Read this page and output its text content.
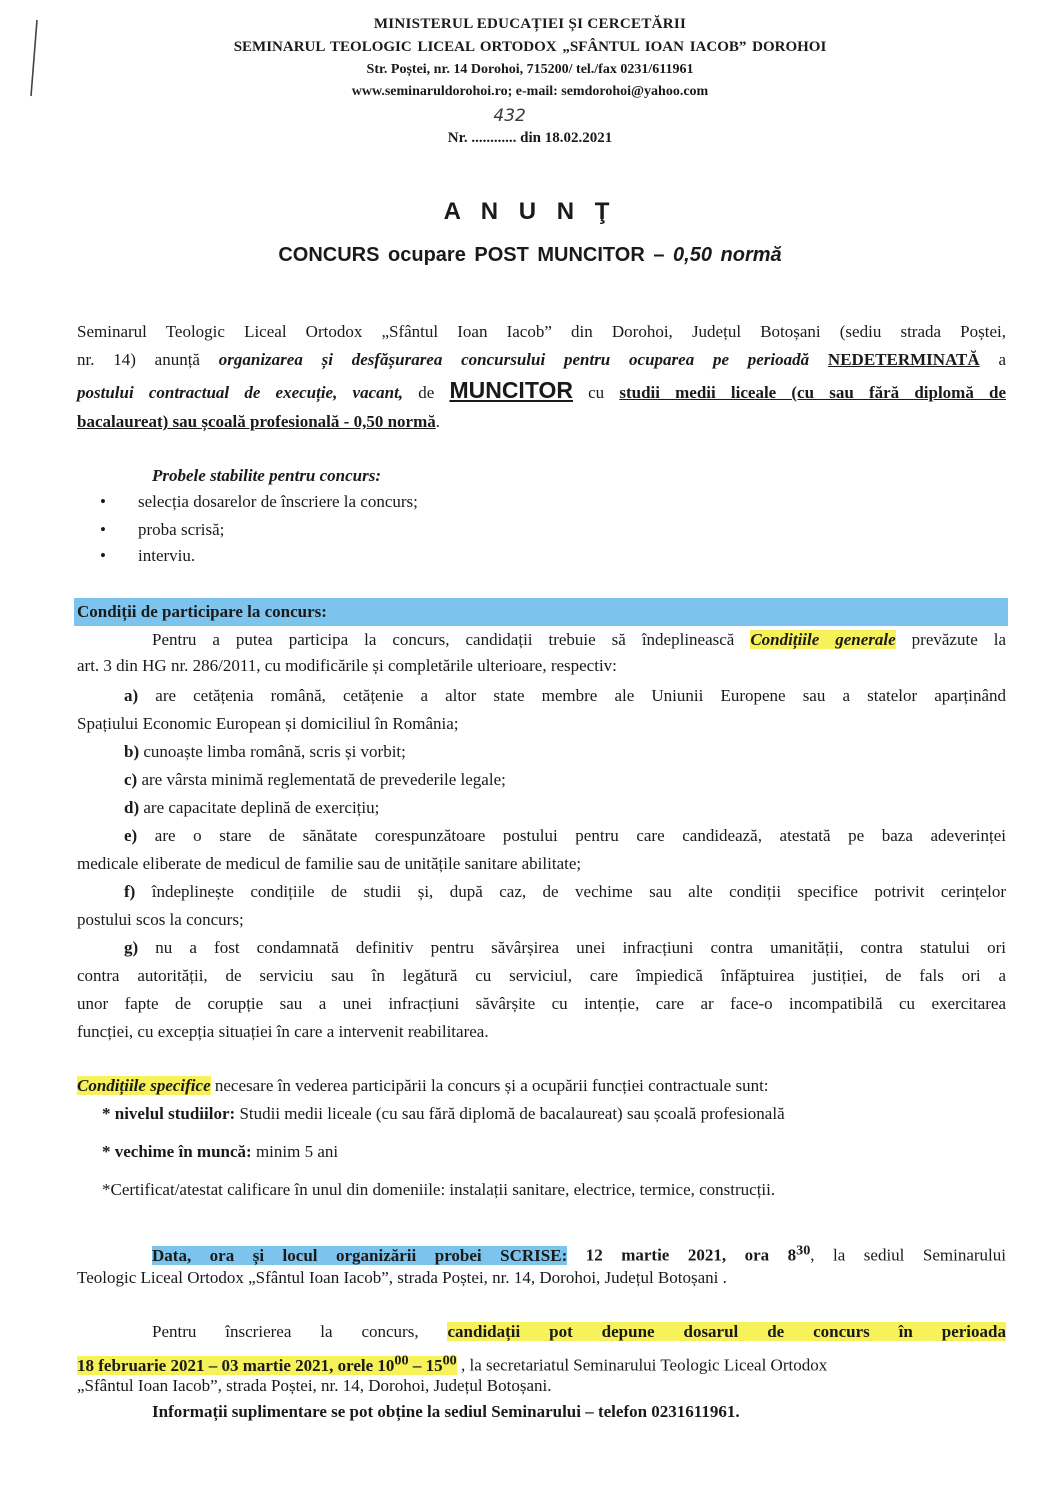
MINISTERUL EDUCAȚIEI ȘI CERCETĂRII
SEMINARUL TEOLOGIC LICEAL ORTODOX „SFÂNTUL IOAN IACOB” DOROHOI
Str. Poștei, nr. 14 Dorohoi, 715200/ tel./fax 0231/611961
www.seminaruldorohoi.ro; e-mail: semdorohoi@yahoo.com
Nr. ............
432
din 18.02.2021
A N U N Ţ
CONCURS ocupare POST MUNCITOR – 0,50 normă
Seminarul Teologic Liceal Ortodox „Sfântul Ioan Iacob” din Dorohoi, Județul Botoșani (sediu strada Poștei,
nr. 14) anunță organizarea și desfășurarea concursului pentru ocuparea pe perioadă NEDETERMINATĂ a
postului contractual de execuție, vacant, de MUNCITOR cu studii medii liceale (cu sau fără diplomă de
bacalaureat) sau școală profesională - 0,50 normă.
Probele stabilite pentru concurs:
• selecția dosarelor de înscriere la concurs;
• proba scrisă;
• interviu.
Condiții de participare la concurs:
Pentru a putea participa la concurs, candidații trebuie să îndeplinească Condițiile generale prevăzute la
art. 3 din HG nr. 286/2011, cu modificările și completările ulterioare, respectiv:
a) are cetățenia română, cetățenie a altor state membre ale Uniunii Europene sau a statelor aparținând
Spațiului Economic European și domiciliul în România;
b) cunoaște limba română, scris și vorbit;
c) are vârsta minimă reglementată de prevederile legale;
d) are capacitate deplină de exercițiu;
e) are o stare de sănătate corespunzătoare postului pentru care candidează, atestată pe baza adeverinței
medicale eliberate de medicul de familie sau de unitățile sanitare abilitate;
f) îndeplinește condițiile de studii și, după caz, de vechime sau alte condiții specifice potrivit cerințelor
postului scos la concurs;
g) nu a fost condamnată definitiv pentru săvârșirea unei infracțiuni contra umanității, contra statului ori
contra autorității, de serviciu sau în legătură cu serviciul, care împiedică înfăptuirea justiției, de fals ori a
unor fapte de corupție sau a unei infracțiuni săvârșite cu intenție, care ar face-o incompatibilă cu exercitarea
funcției, cu excepția situației în care a intervenit reabilitarea.
Condițiile specifice necesare în vederea participării la concurs și a ocupării funcției contractuale sunt:
* nivelul studiilor: Studii medii liceale (cu sau fără diplomă de bacalaureat) sau școală profesională
* vechime în muncă: minim 5 ani
*Certificat/atestat calificare în unul din domeniile: instalații sanitare, electrice, termice, construcții.
Data, ora și locul organizării probei SCRISE: 12 martie 2021, ora $8^{30}$, la sediul Seminarului
Teologic Liceal Ortodox „Sfântul Ioan Iacob”, strada Poștei, nr. 14, Dorohoi, Județul Botoșani .
Pentru înscrierea la concurs, candidații pot depune dosarul de concurs în perioada
18 februarie 2021 – 03 martie 2021, orele $10^{00} - 15^{00}$ , la secretariatul Seminarului Teologic Liceal Ortodox
„Sfântul Ioan Iacob”, strada Poștei, nr. 14, Dorohoi, Județul Botoșani.
Informații suplimentare se pot obține la sediul Seminarului – telefon 0231611961.
